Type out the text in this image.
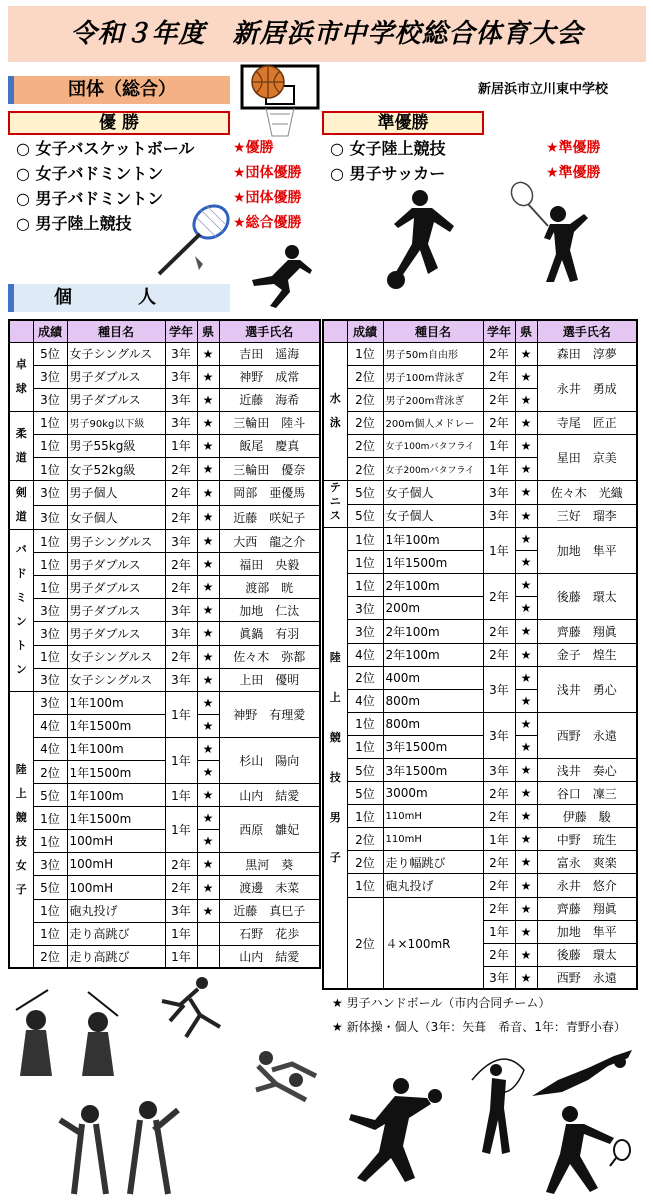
令和３年度　新居浜市中学校総合体育大会
新居浜市立川東中学校
団体（総合）
優 勝	準優勝
○ 女子バスケットボール
○ 女子バドミントン
○ 男子バドミントン
○ 男子陸上競技
★優勝
★団体優勝
★団体優勝
★総合優勝
○ 女子陸上競技
○ 男子サッカー
★準優勝
★準優勝
個　人
	成績	種目名	学年	県	選手氏名
卓球	5位	女子シングルス	3年	★	吉田　遥海
	3位	男子ダブルス	3年	★	神野　成常
	3位	男子ダブルス	3年	★	近藤　海希
柔道	1位	男子90kg以下級	3年	★	三輪田　陸斗
	1位	男子55kg級	1年	★	飯尾　慶真
	1位	女子52kg級	2年	★	三輪田　優奈
剣道	3位	男子個人	2年	★	岡部　亜優馬
	3位	女子個人	2年	★	近藤　咲妃子
バドミントン	1位	男子シングルス	3年	★	大西　龍之介
	1位	男子ダブルス	2年	★	福田　央毅
	1位	男子ダブルス	2年	★	渡部　晄
	3位	男子ダブルス	3年	★	加地　仁汰
	3位	男子ダブルス	3年	★	眞鍋　有羽
	1位	女子シングルス	2年	★	佐々木　弥都
	3位	女子シングルス	3年	★	上田　優明
陸上競技女子	3位	1年100m	1年	★	神野　有理愛
	4位	1年1500m		★	
	4位	1年100m	1年	★	杉山　陽向
	2位	1年1500m		★	
	5位	1年100m	1年	★	山内　結愛
	1位	1年1500m	1年	★	西原　雛妃
	1位	100mH		★	
	3位	100mH	2年	★	黒河　葵
	5位	100mH	2年	★	渡邊　未菜
	1位	砲丸投げ	3年	★	近藤　真巳子
	1位	走り高跳び	1年		石野　花歩
	2位	走り高跳び	1年		山内　結愛
	成績	種目名	学年	県	選手氏名
水泳	1位	男子50m自由形	2年	★	森田　淳夢
	2位	男子100m背泳ぎ	2年	★	永井　勇成
	2位	男子200m背泳ぎ	2年	★	
	2位	200m個人メドレー	2年	★	寺尾　匠正
	2位	女子100mバタフライ	1年	★	星田　京美
	2位	女子200mバタフライ	1年	★	
テニス	5位	女子個人	3年	★	佐々木　光織
	5位	女子個人	3年	★	三好　瑠李
陸上競技男子	1位	1年100m	1年	★	加地　隼平
	1位	1年1500m		★	
	1位	2年100m	2年	★	後藤　環太
	3位	200m		★	
	3位	2年100m	2年	★	齊藤　翔眞
	4位	2年100m	2年	★	金子　煌生
	2位	400m	3年	★	浅井　勇心
	4位	800m		★	
	1位	800m	3年	★	西野　永遠
	1位	3年1500m		★	
	5位	3年1500m	3年	★	浅井　奏心
	5位	3000m	2年	★	谷口　凜三
	1位	110mH	2年	★	伊藤　駿
	2位	110mH	1年	★	中野　琉生
	2位	走り幅跳び	2年	★	富永　爽楽
	1位	砲丸投げ	2年	★	永井　悠介
	2位	４×100mR	2年	★	齊藤　翔眞
			1年	★	加地　隼平
			2年	★	後藤　環太
			3年	★	西野　永遠
★ 男子ハンドボール（市内合同チーム）
★ 新体操・個人（3年：矢葺　希音、1年：青野小春）
